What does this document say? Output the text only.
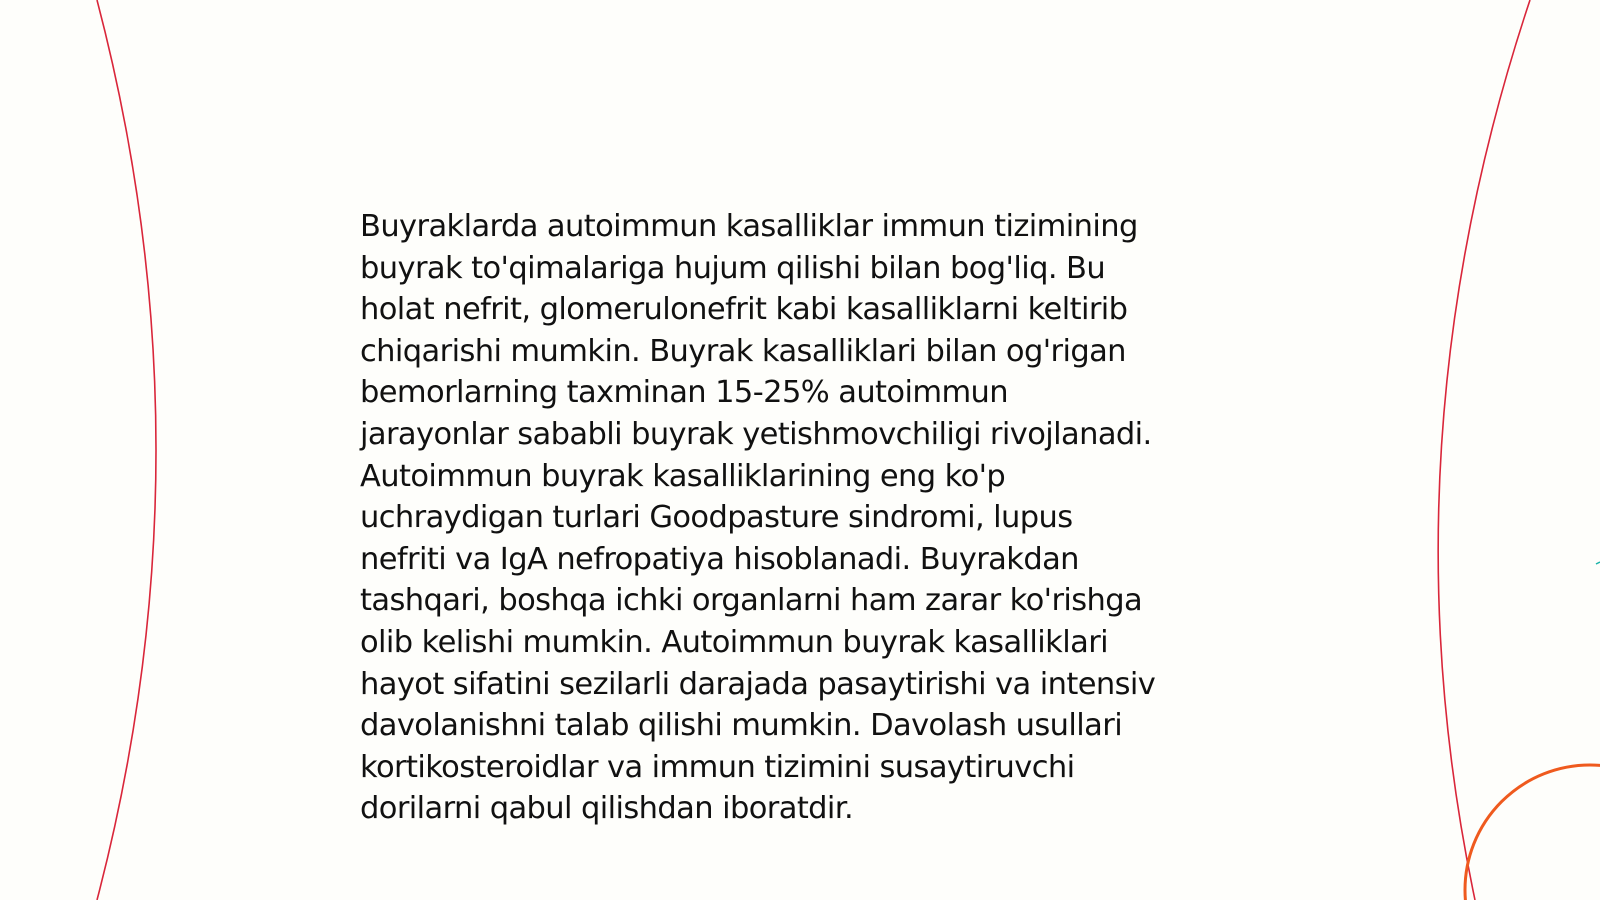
Buyraklarda autoimmun kasalliklar immun tizimining
buyrak to'qimalariga hujum qilishi bilan bog'liq. Bu
holat nefrit, glomerulonefrit kabi kasalliklarni keltirib
chiqarishi mumkin. Buyrak kasalliklari bilan og'rigan
bemorlarning taxminan 15-25% autoimmun
jarayonlar sababli buyrak yetishmovchiligi rivojlanadi.
Autoimmun buyrak kasalliklarining eng ko'p
uchraydigan turlari Goodpasture sindromi, lupus
nefriti va IgA nefropatiya hisoblanadi. Buyrakdan
tashqari, boshqa ichki organlarni ham zarar ko'rishga
olib kelishi mumkin. Autoimmun buyrak kasalliklari
hayot sifatini sezilarli darajada pasaytirishi va intensiv
davolanishni talab qilishi mumkin. Davolash usullari
kortikosteroidlar va immun tizimini susaytiruvchi
dorilarni qabul qilishdan iboratdir.
